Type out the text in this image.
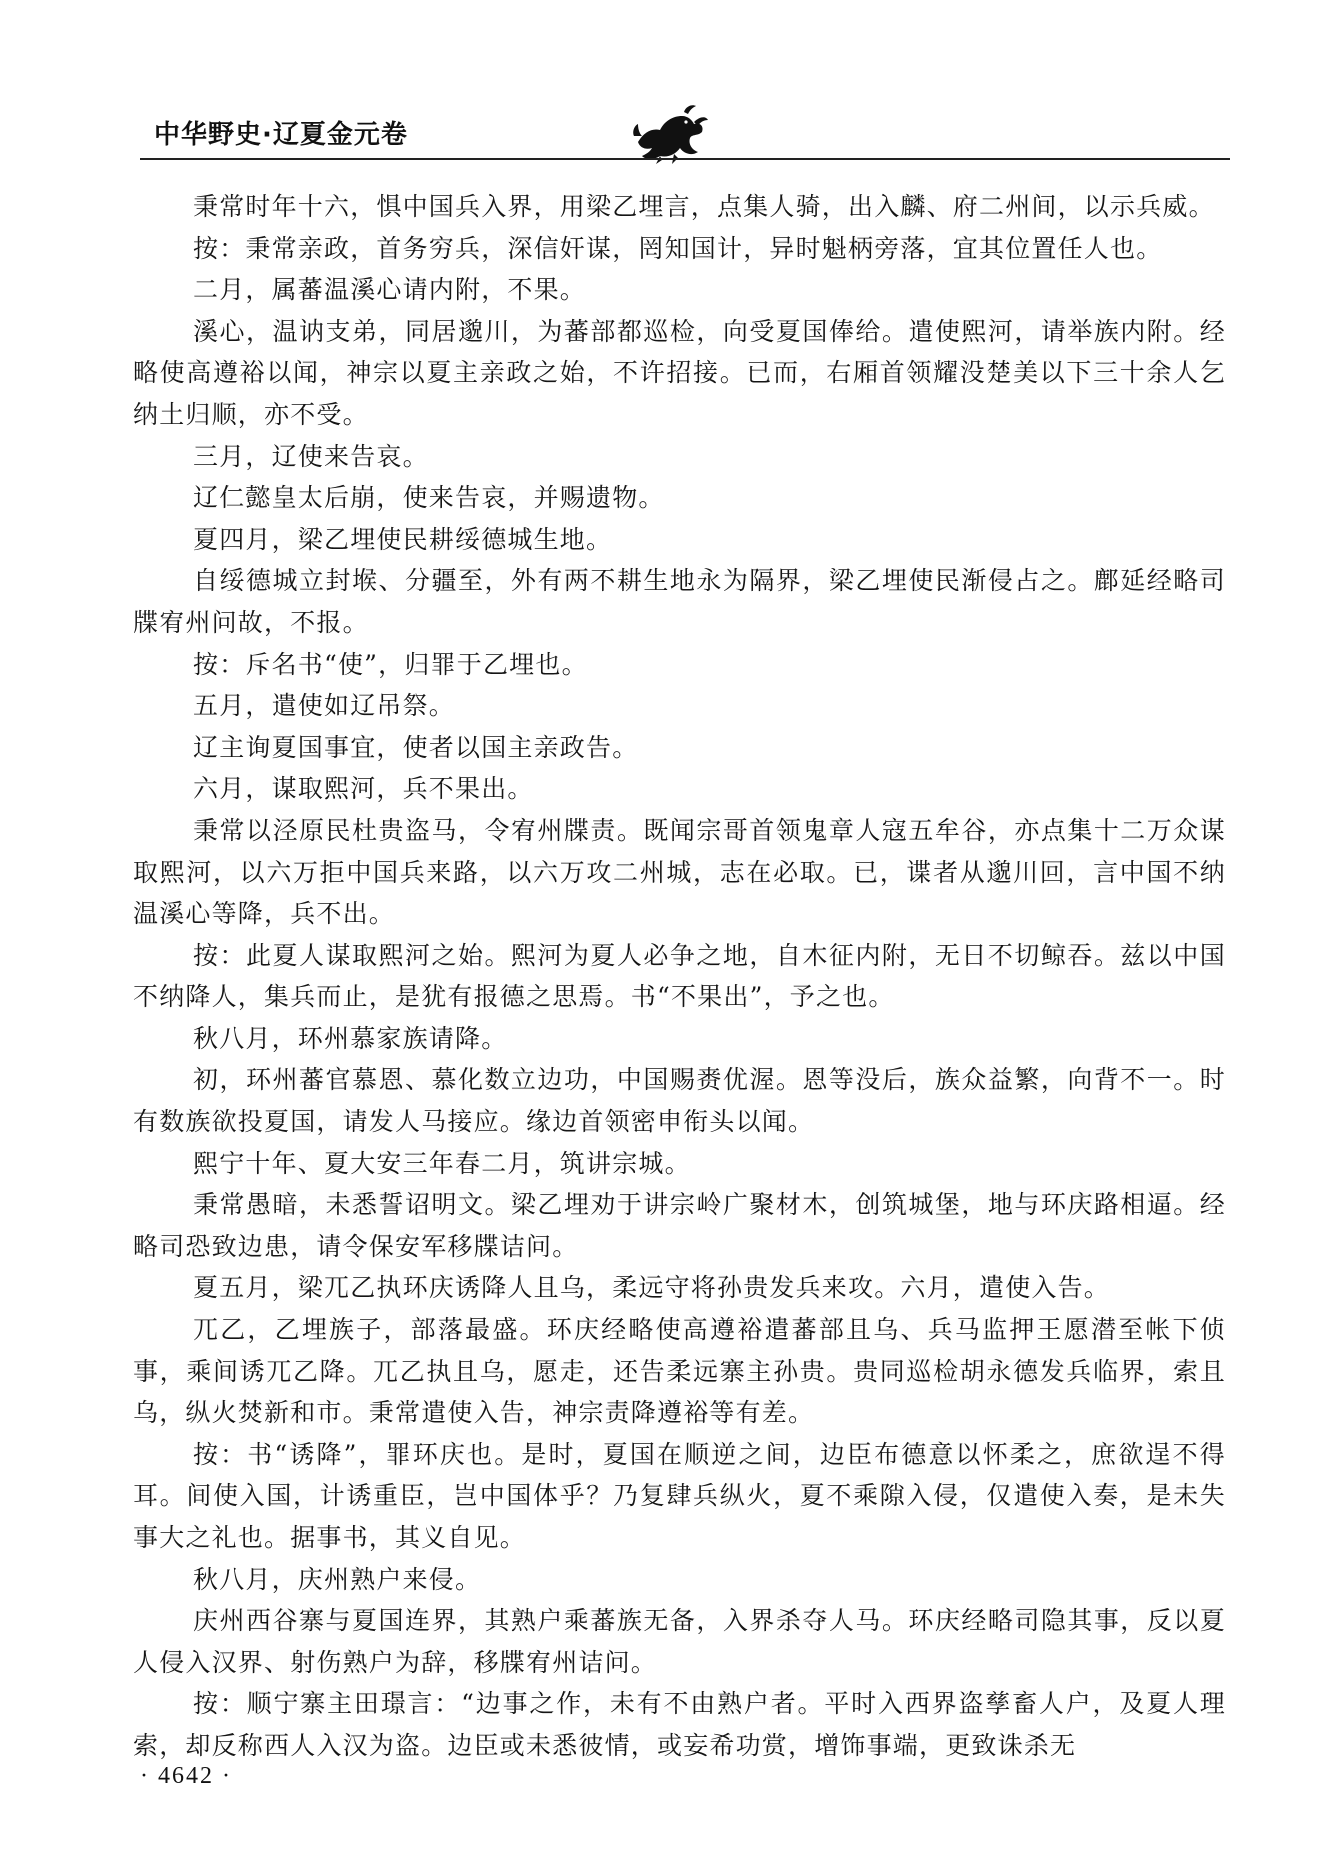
中华野史·辽夏金元卷

秉常时年十六，惧中国兵入界，用梁乙埋言，点集人骑，出入麟、府二州间，以示兵威。

按：秉常亲政，首务穷兵，深信奸谋，罔知国计，异时魁柄旁落，宜其位置任人也。

二月，属蕃温溪心请内附，不果。

溪心，温讷支弟，同居邈川，为蕃部都巡检，向受夏国俸给。遣使熙河，请举族内附。经略使高遵裕以闻，神宗以夏主亲政之始，不许招接。已而，右厢首领耀没楚美以下三十余人乞纳土归顺，亦不受。

三月，辽使来告哀。

辽仁懿皇太后崩，使来告哀，并赐遗物。

夏四月，梁乙埋使民耕绥德城生地。

自绥德城立封堠、分疆至，外有两不耕生地永为隔界，梁乙埋使民渐侵占之。鄜延经略司牒宥州问故，不报。

按：斥名书“使”，归罪于乙埋也。

五月，遣使如辽吊祭。

辽主询夏国事宜，使者以国主亲政告。

六月，谋取熙河，兵不果出。

秉常以泾原民杜贵盗马，令宥州牒责。既闻宗哥首领鬼章人寇五牟谷，亦点集十二万众谋取熙河，以六万拒中国兵来路，以六万攻二州城，志在必取。已，谍者从邈川回，言中国不纳温溪心等降，兵不出。

按：此夏人谋取熙河之始。熙河为夏人必争之地，自木征内附，无日不切鲸吞。兹以中国不纳降人，集兵而止，是犹有报德之思焉。书“不果出”，予之也。

秋八月，环州慕家族请降。

初，环州蕃官慕恩、慕化数立边功，中国赐赉优渥。恩等没后，族众益繁，向背不一。时有数族欲投夏国，请发人马接应。缘边首领密申衔头以闻。

熙宁十年、夏大安三年春二月，筑讲宗城。

秉常愚暗，未悉誓诏明文。梁乙埋劝于讲宗岭广聚材木，创筑城堡，地与环庆路相逼。经略司恐致边患，请令保安军移牒诘问。

夏五月，梁兀乙执环庆诱降人且乌，柔远守将孙贵发兵来攻。六月，遣使入告。

兀乙，乙埋族子，部落最盛。环庆经略使高遵裕遣蕃部且乌、兵马监押王愿潜至帐下侦事，乘间诱兀乙降。兀乙执且乌，愿走，还告柔远寨主孙贵。贵同巡检胡永德发兵临界，索且乌，纵火焚新和市。秉常遣使入告，神宗责降遵裕等有差。

按：书“诱降”，罪环庆也。是时，夏国在顺逆之间，边臣布德意以怀柔之，庶欲逞不得耳。间使入国，计诱重臣，岂中国体乎？乃复肆兵纵火，夏不乘隙入侵，仅遣使入奏，是未失事大之礼也。据事书，其义自见。

秋八月，庆州熟户来侵。

庆州西谷寨与夏国连界，其熟户乘蕃族无备，入界杀夺人马。环庆经略司隐其事，反以夏人侵入汉界、射伤熟户为辞，移牒宥州诘问。

按：顺宁寨主田璟言：“边事之作，未有不由熟户者。平时入西界盗孳畜人户，及夏人理索，却反称西人入汉为盗。边臣或未悉彼情，或妄希功赏，增饰事端，更致诛杀无

· 4642 ·
